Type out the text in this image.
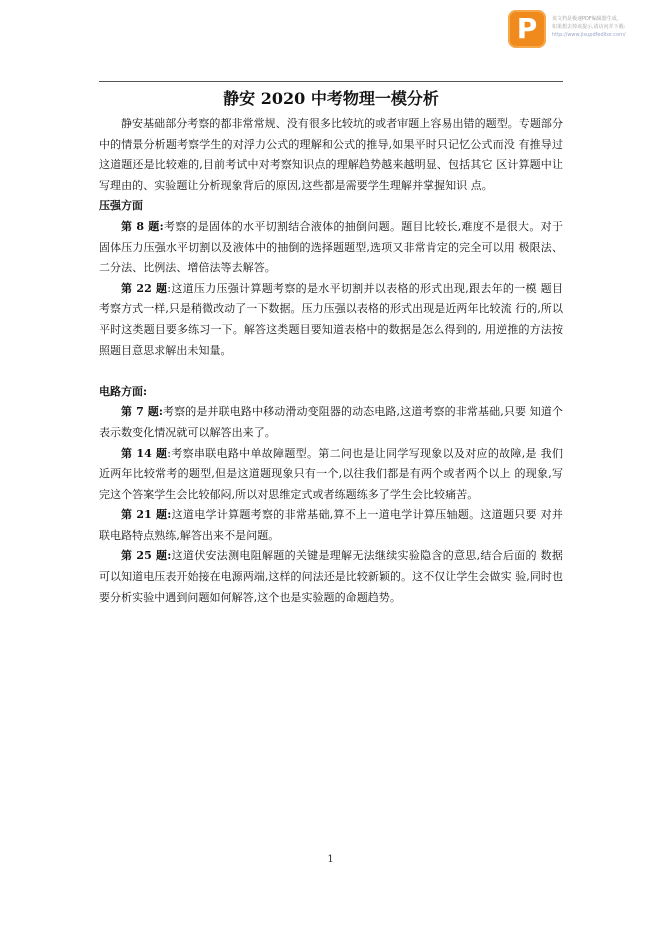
P	该文档是极速PDF编辑器生成,
如果想去掉该提示,请访问并下载:
http://www.jisupdfeditor.com/
静安 2020 中考物理一模分析

静安基础部分考察的都非常常规、没有很多比较坑的或者审题上容易出错的题型。专题部分中的情景分析题考察学生的对浮力公式的理解和公式的推导,如果平时只记忆公式而没 有推导过这道题还是比较难的,目前考试中对考察知识点的理解趋势越来越明显、包括其它 区计算题中让写理由的、实验题让分析现象背后的原因,这些都是需要学生理解并掌握知识 点。

压强方面

第 8 题:考察的是固体的水平切割结合液体的抽倒问题。题目比较长,难度不是很大。对于固体压力压强水平切割以及液体中的抽倒的选择题题型,选项又非常肯定的完全可以用 极限法、二分法、比例法、增倍法等去解答。

第 22 题:这道压力压强计算题考察的是水平切割并以表格的形式出现,跟去年的一模 题目考察方式一样,只是稍微改动了一下数据。压力压强以表格的形式出现是近两年比较流 行的,所以平时这类题目要多练习一下。解答这类题目要知道表格中的数据是怎么得到的, 用逆推的方法按照题目意思求解出未知量。

电路方面:

第 7 题:考察的是并联电路中移动滑动变阻器的动态电路,这道考察的非常基础,只要 知道个表示数变化情况就可以解答出来了。

第 14 题:考察串联电路中单故障题型。第二问也是让同学写现象以及对应的故障,是 我们近两年比较常考的题型,但是这道题现象只有一个,以往我们都是有两个或者两个以上 的现象,写完这个答案学生会比较郁闷,所以对思维定式或者练题练多了学生会比较痛苦。

第 21 题:这道电学计算题考察的非常基础,算不上一道电学计算压轴题。这道题只要 对并联电路特点熟练,解答出来不是问题。

第 25 题:这道伏安法测电阻解题的关键是理解无法继续实验隐含的意思,结合后面的 数据可以知道电压表开始接在电源两端,这样的问法还是比较新颖的。这不仅让学生会做实 验,同时也要分析实验中遇到问题如何解答,这个也是实验题的命题趋势。

1
